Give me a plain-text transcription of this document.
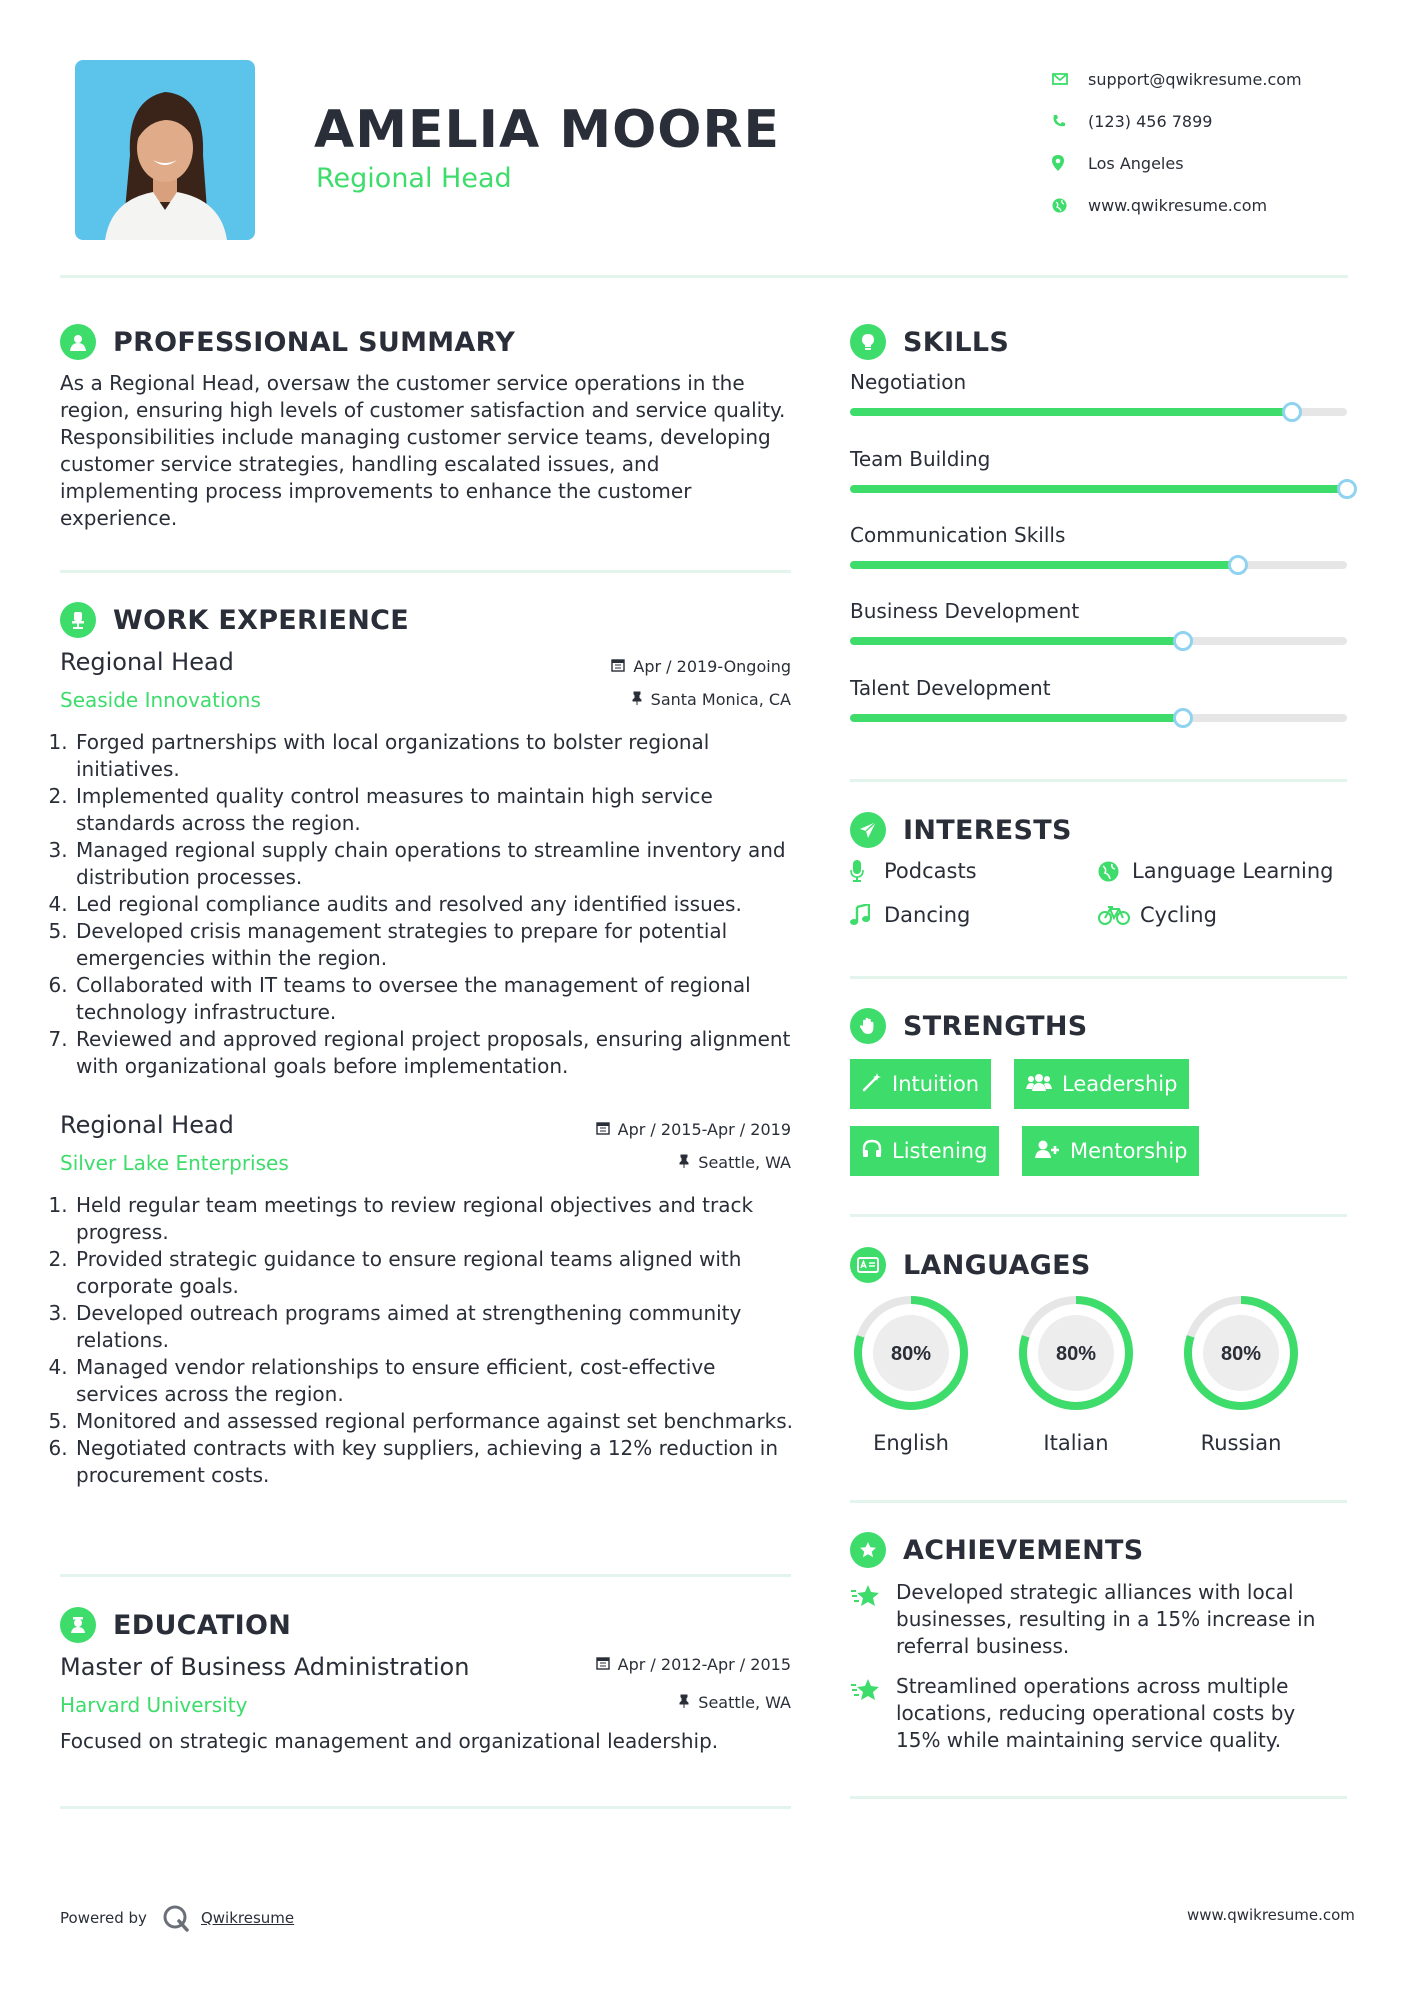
AMELIA MOORE
Regional Head
support@qwikresume.com
(123) 456 7899
Los Angeles
www.qwikresume.com
PROFESSIONAL SUMMARY
As a Regional Head, oversaw the customer service operations in the region, ensuring high levels of customer satisfaction and service quality. Responsibilities include managing customer service teams, developing customer service strategies, handling escalated issues, and implementing process improvements to enhance the customer experience.
WORK EXPERIENCE
Regional Head	Apr / 2019-Ongoing
Seaside Innovations	Santa Monica, CA
1. Forged partnerships with local organizations to bolster regional initiatives.
2. Implemented quality control measures to maintain high service standards across the region.
3. Managed regional supply chain operations to streamline inventory and distribution processes.
4. Led regional compliance audits and resolved any identified issues.
5. Developed crisis management strategies to prepare for potential emergencies within the region.
6. Collaborated with IT teams to oversee the management of regional technology infrastructure.
7. Reviewed and approved regional project proposals, ensuring alignment with organizational goals before implementation.
Regional Head	Apr / 2015-Apr / 2019
Silver Lake Enterprises	Seattle, WA
1. Held regular team meetings to review regional objectives and track progress.
2. Provided strategic guidance to ensure regional teams aligned with corporate goals.
3. Developed outreach programs aimed at strengthening community relations.
4. Managed vendor relationships to ensure efficient, cost-effective services across the region.
5. Monitored and assessed regional performance against set benchmarks.
6. Negotiated contracts with key suppliers, achieving a 12% reduction in procurement costs.
EDUCATION
Master of Business Administration	Apr / 2012-Apr / 2015
Harvard University	Seattle, WA
Focused on strategic management and organizational leadership.
SKILLS
Negotiation
Team Building
Communication Skills
Business Development
Talent Development
INTERESTS
Podcasts	Language Learning
Dancing	Cycling
STRENGTHS
Intuition	Leadership
Listening	Mentorship
LANGUAGES
80%
English
80%
Italian
80%
Russian
ACHIEVEMENTS
Developed strategic alliances with local businesses, resulting in a 15% increase in referral business.
Streamlined operations across multiple locations, reducing operational costs by 15% while maintaining service quality.
Powered by	Qwikresume	www.qwikresume.com
